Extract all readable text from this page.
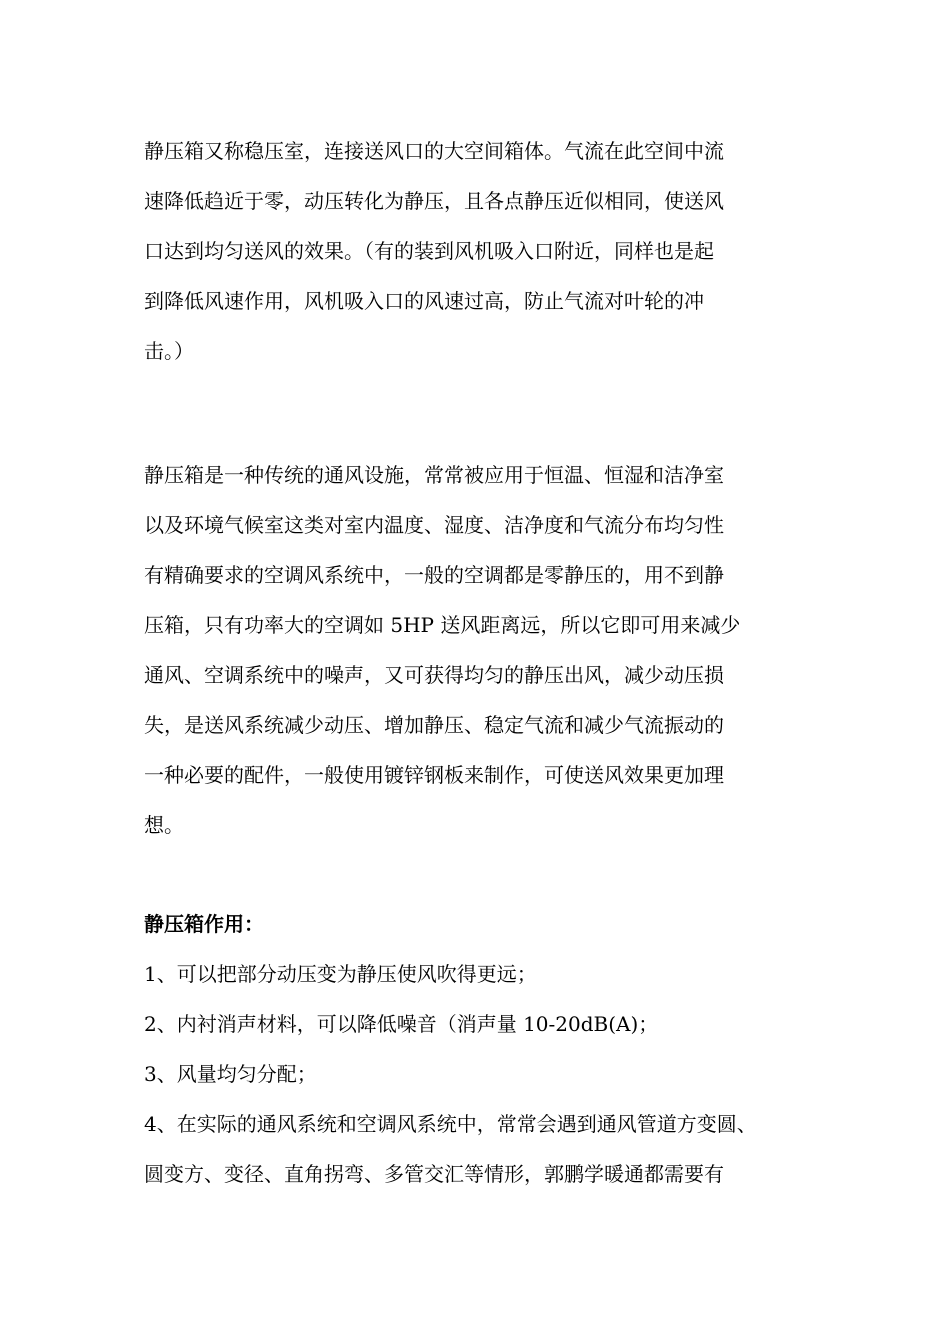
静压箱又称稳压室，连接送风口的大空间箱体。气流在此空间中流
速降低趋近于零，动压转化为静压，且各点静压近似相同，使送风
口达到均匀送风的效果。（有的装到风机吸入口附近，同样也是起
到降低风速作用，风机吸入口的风速过高，防止气流对叶轮的冲
击。）
静压箱是一种传统的通风设施，常常被应用于恒温、恒湿和洁净室
以及环境气候室这类对室内温度、湿度、洁净度和气流分布均匀性
有精确要求的空调风系统中，一般的空调都是零静压的，用不到静
压箱，只有功率大的空调如 5HP 送风距离远，所以它即可用来减少
通风、空调系统中的噪声，又可获得均匀的静压出风，减少动压损
失，是送风系统减少动压、增加静压、稳定气流和减少气流振动的
一种必要的配件，一般使用镀锌钢板来制作，可使送风效果更加理
想。
静压箱作用：
1、可以把部分动压变为静压使风吹得更远；
2、内衬消声材料，可以降低噪音（消声量 10-20dB(A)；
3、风量均匀分配；
4、在实际的通风系统和空调风系统中，常常会遇到通风管道方变圆、
圆变方、变径、直角拐弯、多管交汇等情形，郭鹏学暖通都需要有
